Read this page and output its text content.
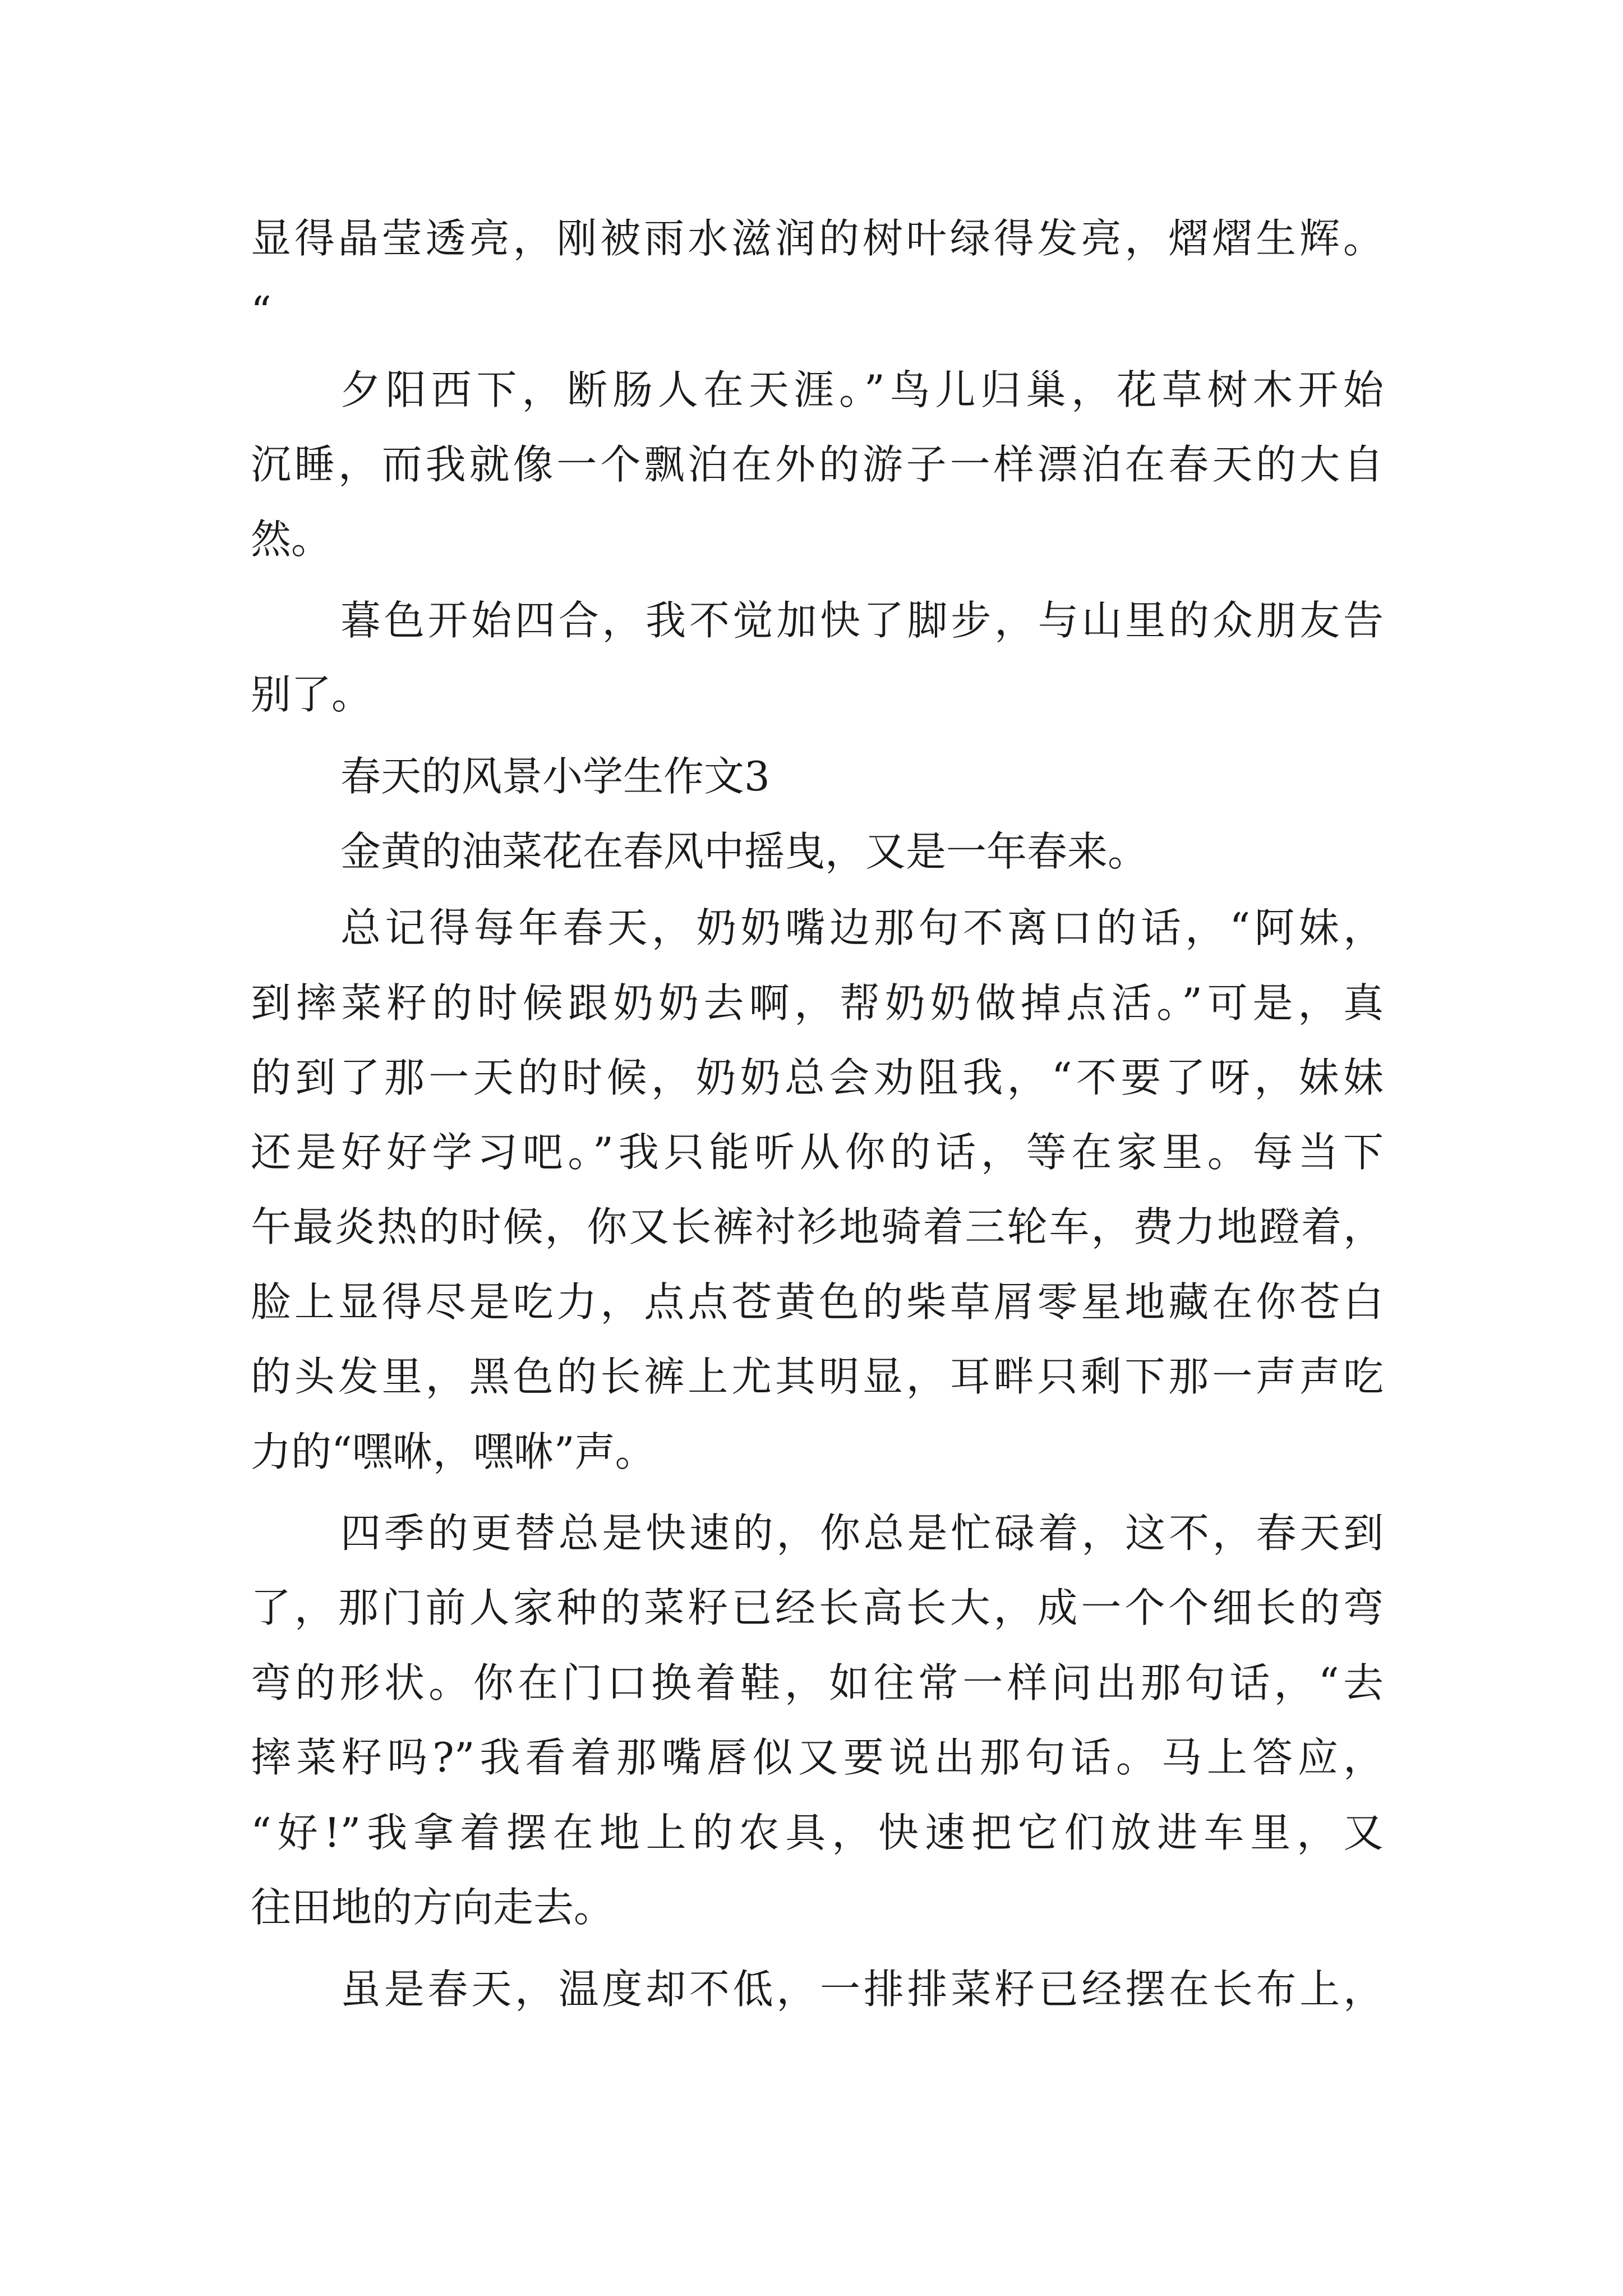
显得晶莹透亮，刚被雨水滋润的树叶绿得发亮，熠熠生辉。
“
夕阳西下，断肠人在天涯。”鸟儿归巢，花草树木开始
沉睡，而我就像一个飘泊在外的游子一样漂泊在春天的大自
然。
暮色开始四合，我不觉加快了脚步，与山里的众朋友告
别了。
春天的风景小学生作文3
金黄的油菜花在春风中摇曳，又是一年春来。
总记得每年春天，奶奶嘴边那句不离口的话，“阿妹，
到摔菜籽的时候跟奶奶去啊，帮奶奶做掉点活。”可是，真
的到了那一天的时候，奶奶总会劝阻我，“不要了呀，妹妹
还是好好学习吧。”我只能听从你的话，等在家里。每当下
午最炎热的时候，你又长裤衬衫地骑着三轮车，费力地蹬着，
脸上显得尽是吃力，点点苍黄色的柴草屑零星地藏在你苍白
的头发里，黑色的长裤上尤其明显，耳畔只剩下那一声声吃
力的“嘿咻，嘿咻”声。
四季的更替总是快速的，你总是忙碌着，这不，春天到
了，那门前人家种的菜籽已经长高长大，成一个个细长的弯
弯的形状。你在门口换着鞋，如往常一样问出那句话，“去
摔菜籽吗?”我看着那嘴唇似又要说出那句话。马上答应，
“好!”我拿着摆在地上的农具，快速把它们放进车里，又
往田地的方向走去。
虽是春天，温度却不低，一排排菜籽已经摆在长布上，
